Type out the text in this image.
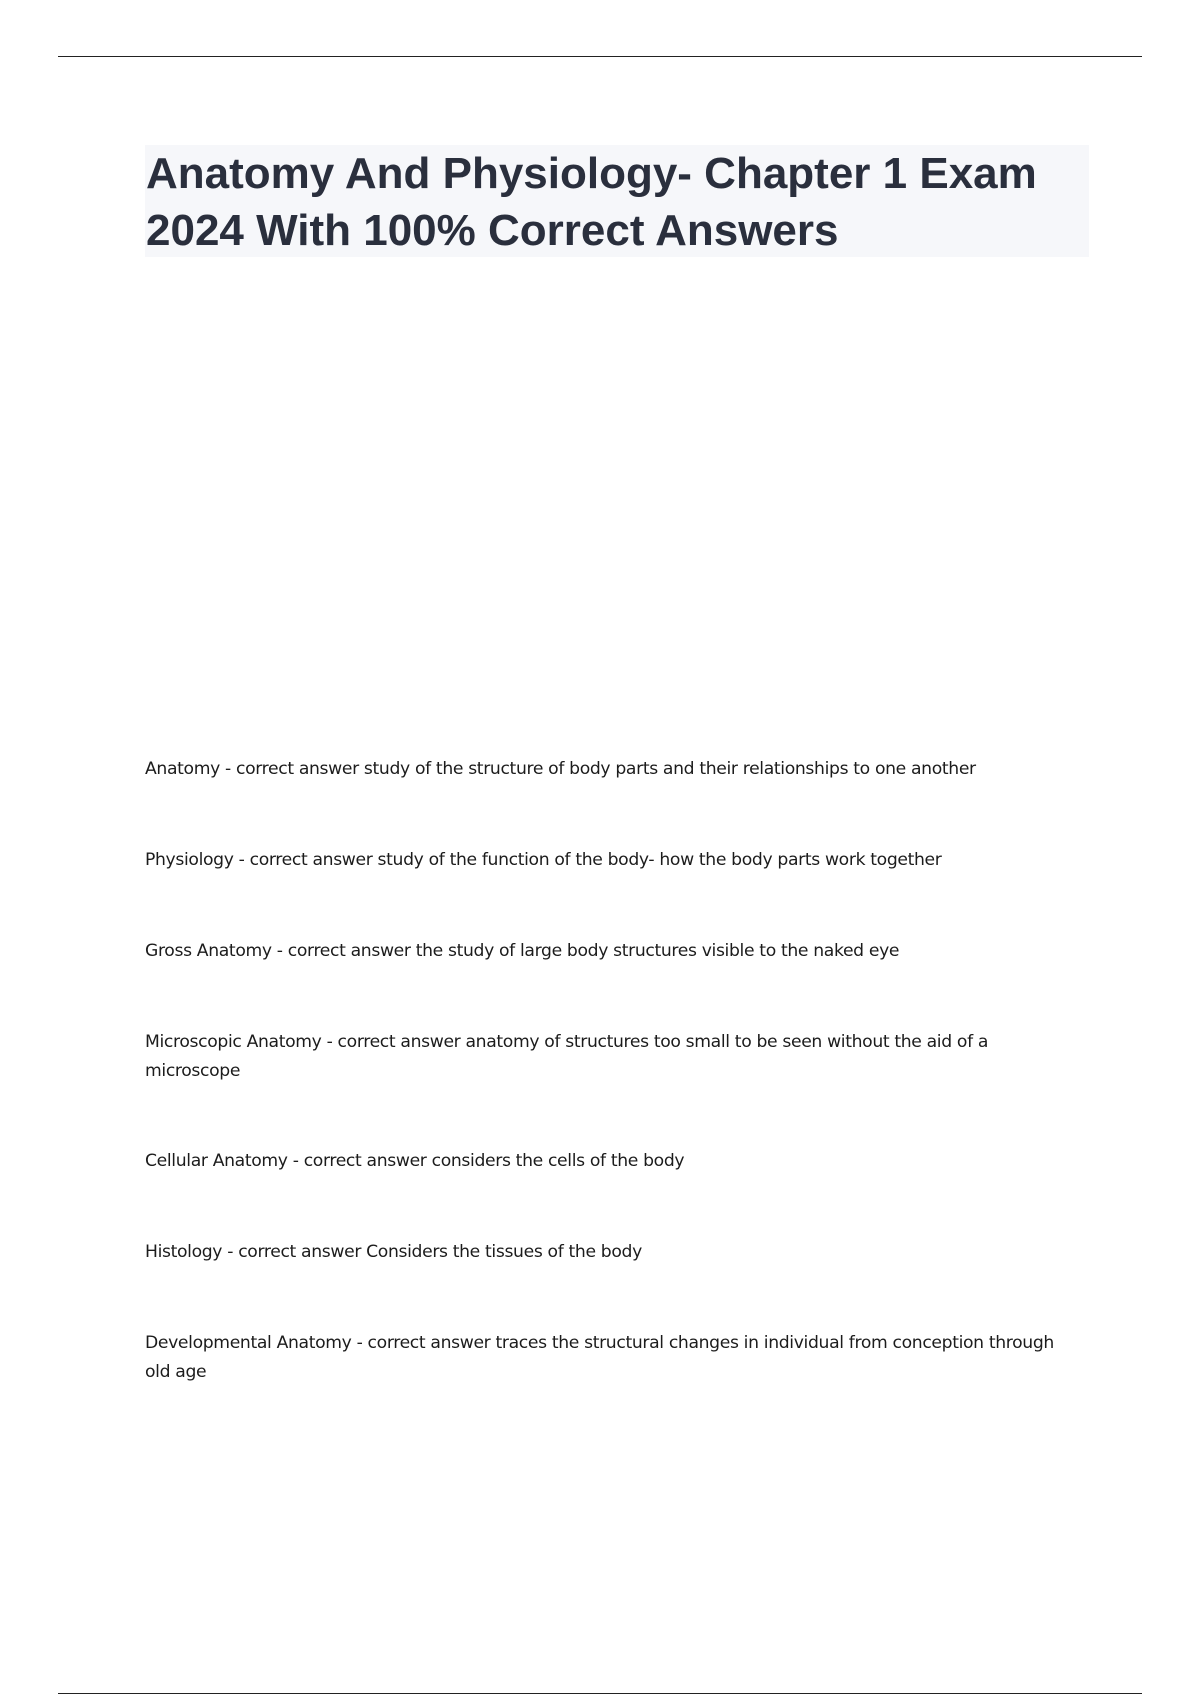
Anatomy And Physiology- Chapter 1 Exam 2024 With 100% Correct Answers
Anatomy - correct answer study of the structure of body parts and their relationships to one another
Physiology - correct answer study of the function of the body- how the body parts work together
Gross Anatomy - correct answer the study of large body structures visible to the naked eye
Microscopic Anatomy - correct answer anatomy of structures too small to be seen without the aid of a microscope
Cellular Anatomy - correct answer considers the cells of the body
Histology - correct answer Considers the tissues of the body
Developmental Anatomy - correct answer traces the structural changes in individual from conception through old age
